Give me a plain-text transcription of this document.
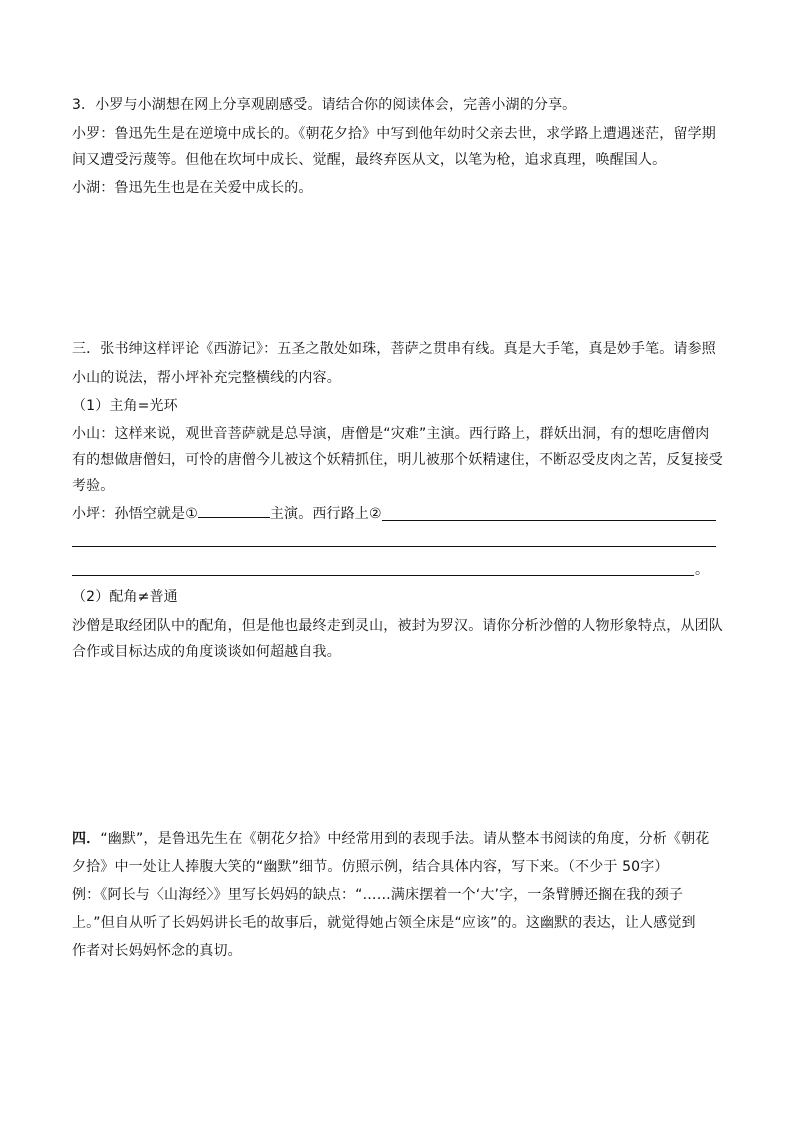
3．小罗与小湖想在网上分享观剧感受。请结合你的阅读体会，完善小湖的分享。
小罗：鲁迅先生是在逆境中成长的。《朝花夕拾》中写到他年幼时父亲去世，求学路上遭遇迷茫，留学期
间又遭受污蔑等。但他在坎坷中成长、觉醒，最终弃医从文，以笔为枪，追求真理，唤醒国人。
小湖：鲁迅先生也是在关爱中成长的。
三．张书绅这样评论《西游记》：五圣之散处如珠，菩萨之贯串有线。真是大手笔，真是妙手笔。请参照
小山的说法，帮小坪补充完整横线的内容。
（1）主角=光环
小山：这样来说，观世音菩萨就是总导演，唐僧是“灾难”主演。西行路上，群妖出洞，有的想吃唐僧肉
有的想做唐僧妇，可怜的唐僧今儿被这个妖精抓住，明儿被那个妖精逮住，不断忍受皮肉之苦，反复接受
考验。
小坪：孙悟空就是①	主演。西行路上②
。
（2）配角≠普通
沙僧是取经团队中的配角，但是他也最终走到灵山，被封为罗汉。请你分析沙僧的人物形象特点，从团队
合作或目标达成的角度谈谈如何超越自我。
四．“幽默”，是鲁迅先生在《朝花夕拾》中经常用到的表现手法。请从整本书阅读的角度，分析《朝花
夕拾》中一处让人捧腹大笑的“幽默”细节。仿照示例，结合具体内容，写下来。（不少于 50字）
例：《阿长与〈山海经〉》里写长妈妈的缺点：“……满床摆着一个‘大’字，一条臂膊还搁在我的颈子
上。”但自从听了长妈妈讲长毛的故事后，就觉得她占领全床是“应该”的。这幽默的表达，让人感觉到
作者对长妈妈怀念的真切。
